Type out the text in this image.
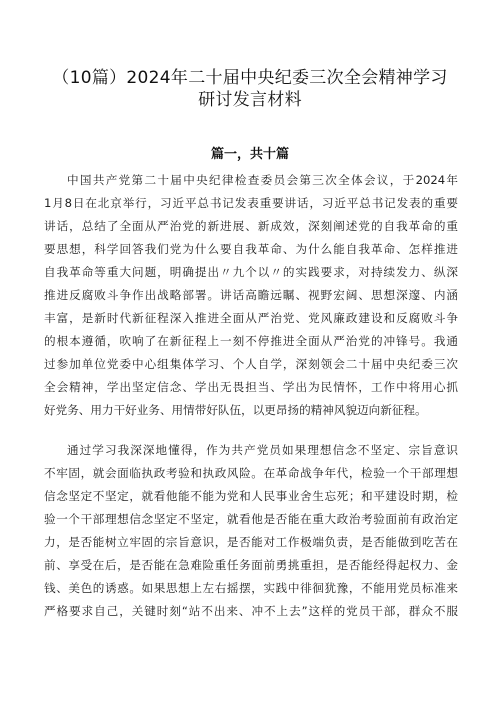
（10篇）2024年二十届中央纪委三次全会精神学习
研讨发言材料
篇一，共十篇
中国共产党第二十届中央纪律检查委员会第三次全体会议，于2024年
1月8日在北京举行，习近平总书记发表重要讲话，习近平总书记发表的重要
讲话，总结了全面从严治党的新进展、新成效，深刻阐述党的自我革命的重
要思想，科学回答我们党为什么要自我革命、为什么能自我革命、怎样推进
自我革命等重大问题，明确提出〃九个以〃的实践要求，对持续发力、纵深
推进反腐败斗争作出战略部署。讲话高瞻远瞩、视野宏阔、思想深邃、内涵
丰富，是新时代新征程深入推进全面从严治党、党风廉政建设和反腐败斗争
的根本遵循，吹响了在新征程上一刻不停推进全面从严治党的冲锋号。我通
过参加单位党委中心组集体学习、个人自学，深刻领会二十届中央纪委三次
全会精神，学出坚定信念、学出无畏担当、学出为民情怀，工作中将用心抓
好党务、用力干好业务、用情带好队伍，以更昂扬的精神风貌迈向新征程。
通过学习我深深地懂得，作为共产党员如果理想信念不坚定、宗旨意识
不牢固，就会面临执政考验和执政风险。在革命战争年代，检验一个干部理想
信念坚定不坚定，就看他能不能为党和人民事业舍生忘死；和平建设时期，检
验一个干部理想信念坚定不坚定，就看他是否能在重大政治考验面前有政治定
力，是否能树立牢固的宗旨意识，是否能对工作极端负责，是否能做到吃苦在
前、享受在后，是否能在急难险重任务面前勇挑重担，是否能经得起权力、金
钱、美色的诱惑。如果思想上左右摇摆，实践中徘徊犹豫，不能用党员标准来
严格要求自己，关键时刻“站不出来、冲不上去”这样的党员干部，群众不服
